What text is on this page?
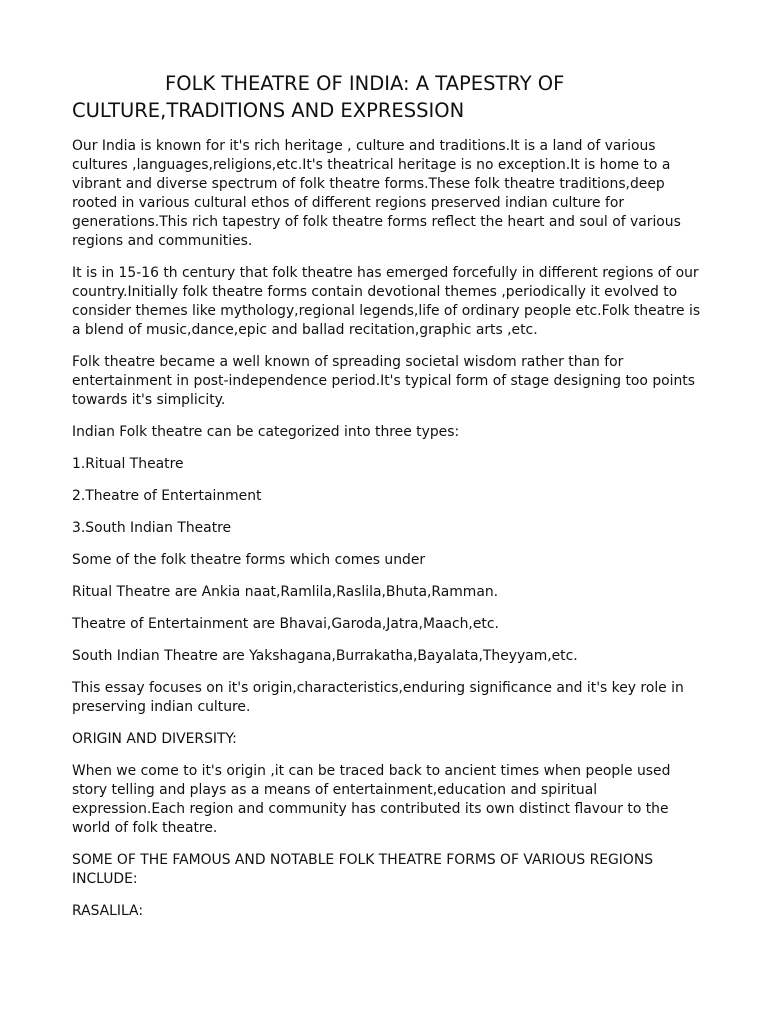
FOLK THEATRE OF INDIA: A TAPESTRY OF CULTURE,TRADITIONS AND EXPRESSION

Our India is known for it's rich heritage , culture and traditions.It is a land of various cultures ,languages,religions,etc.It's theatrical heritage is no exception.It is home to a vibrant and diverse spectrum of folk theatre forms.These folk theatre traditions,deep rooted in various cultural ethos of different regions preserved indian culture for generations.This rich tapestry of folk theatre forms reflect the heart and soul of various regions and communities.

It is in 15-16 th century that folk theatre has emerged forcefully in different regions of our country.Initially folk theatre forms contain devotional themes ,periodically it evolved to consider themes like mythology,regional legends,life of ordinary people etc.Folk theatre is a blend of music,dance,epic and ballad recitation,graphic arts ,etc.

Folk theatre became a well known of spreading societal wisdom rather than for entertainment in post-independence period.It's typical form of stage designing too points towards it's simplicity.

Indian Folk theatre can be categorized into three types:

1.Ritual Theatre

2.Theatre of Entertainment

3.South Indian Theatre

Some of the folk theatre forms which comes under

Ritual Theatre are Ankia naat,Ramlila,Raslila,Bhuta,Ramman.

Theatre of Entertainment are Bhavai,Garoda,Jatra,Maach,etc.

South Indian Theatre are Yakshagana,Burrakatha,Bayalata,Theyyam,etc.

This essay focuses on it's origin,characteristics,enduring significance and it's key role in preserving indian culture.

ORIGIN AND DIVERSITY:

When we come to it's origin ,it can be traced back to ancient times when people used story telling and plays as a means of entertainment,education and spiritual expression.Each region and community has contributed its own distinct flavour to the world of folk theatre.

SOME OF THE FAMOUS AND NOTABLE FOLK THEATRE FORMS OF VARIOUS REGIONS INCLUDE:

RASALILA:
